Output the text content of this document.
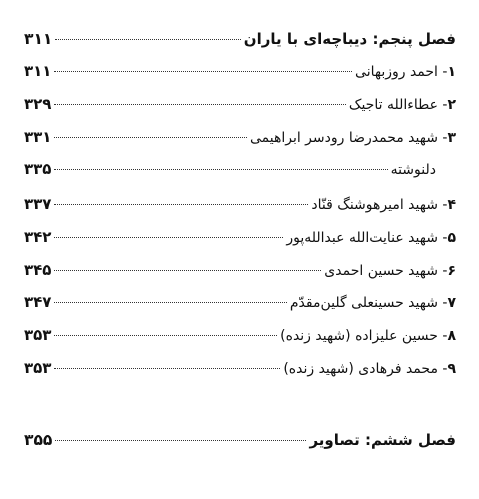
۳۱۱	فصل پنجم: دیباچه‌ای با یاران
۳۱۱	۱- احمد روزبهانی
۳۲۹	۲- عطاءالله تاجیک
۳۳۱	۳- شهید محمدرضا رودسر ابراهیمی
۳۳۵	دلنوشته
۳۳۷	۴- شهید امیرهوشنگ قنّاد
۳۴۲	۵- شهید عنایت‌الله عبدالله‌پور
۳۴۵	۶- شهید حسین احمدی
۳۴۷	۷- شهید حسینعلی گلین‌مقدّم
۳۵۳	۸- حسین علیزاده (شهید زنده)
۳۵۳	۹- محمد فرهادی (شهید زنده)
۳۵۵	فصل ششم: تصاویر
